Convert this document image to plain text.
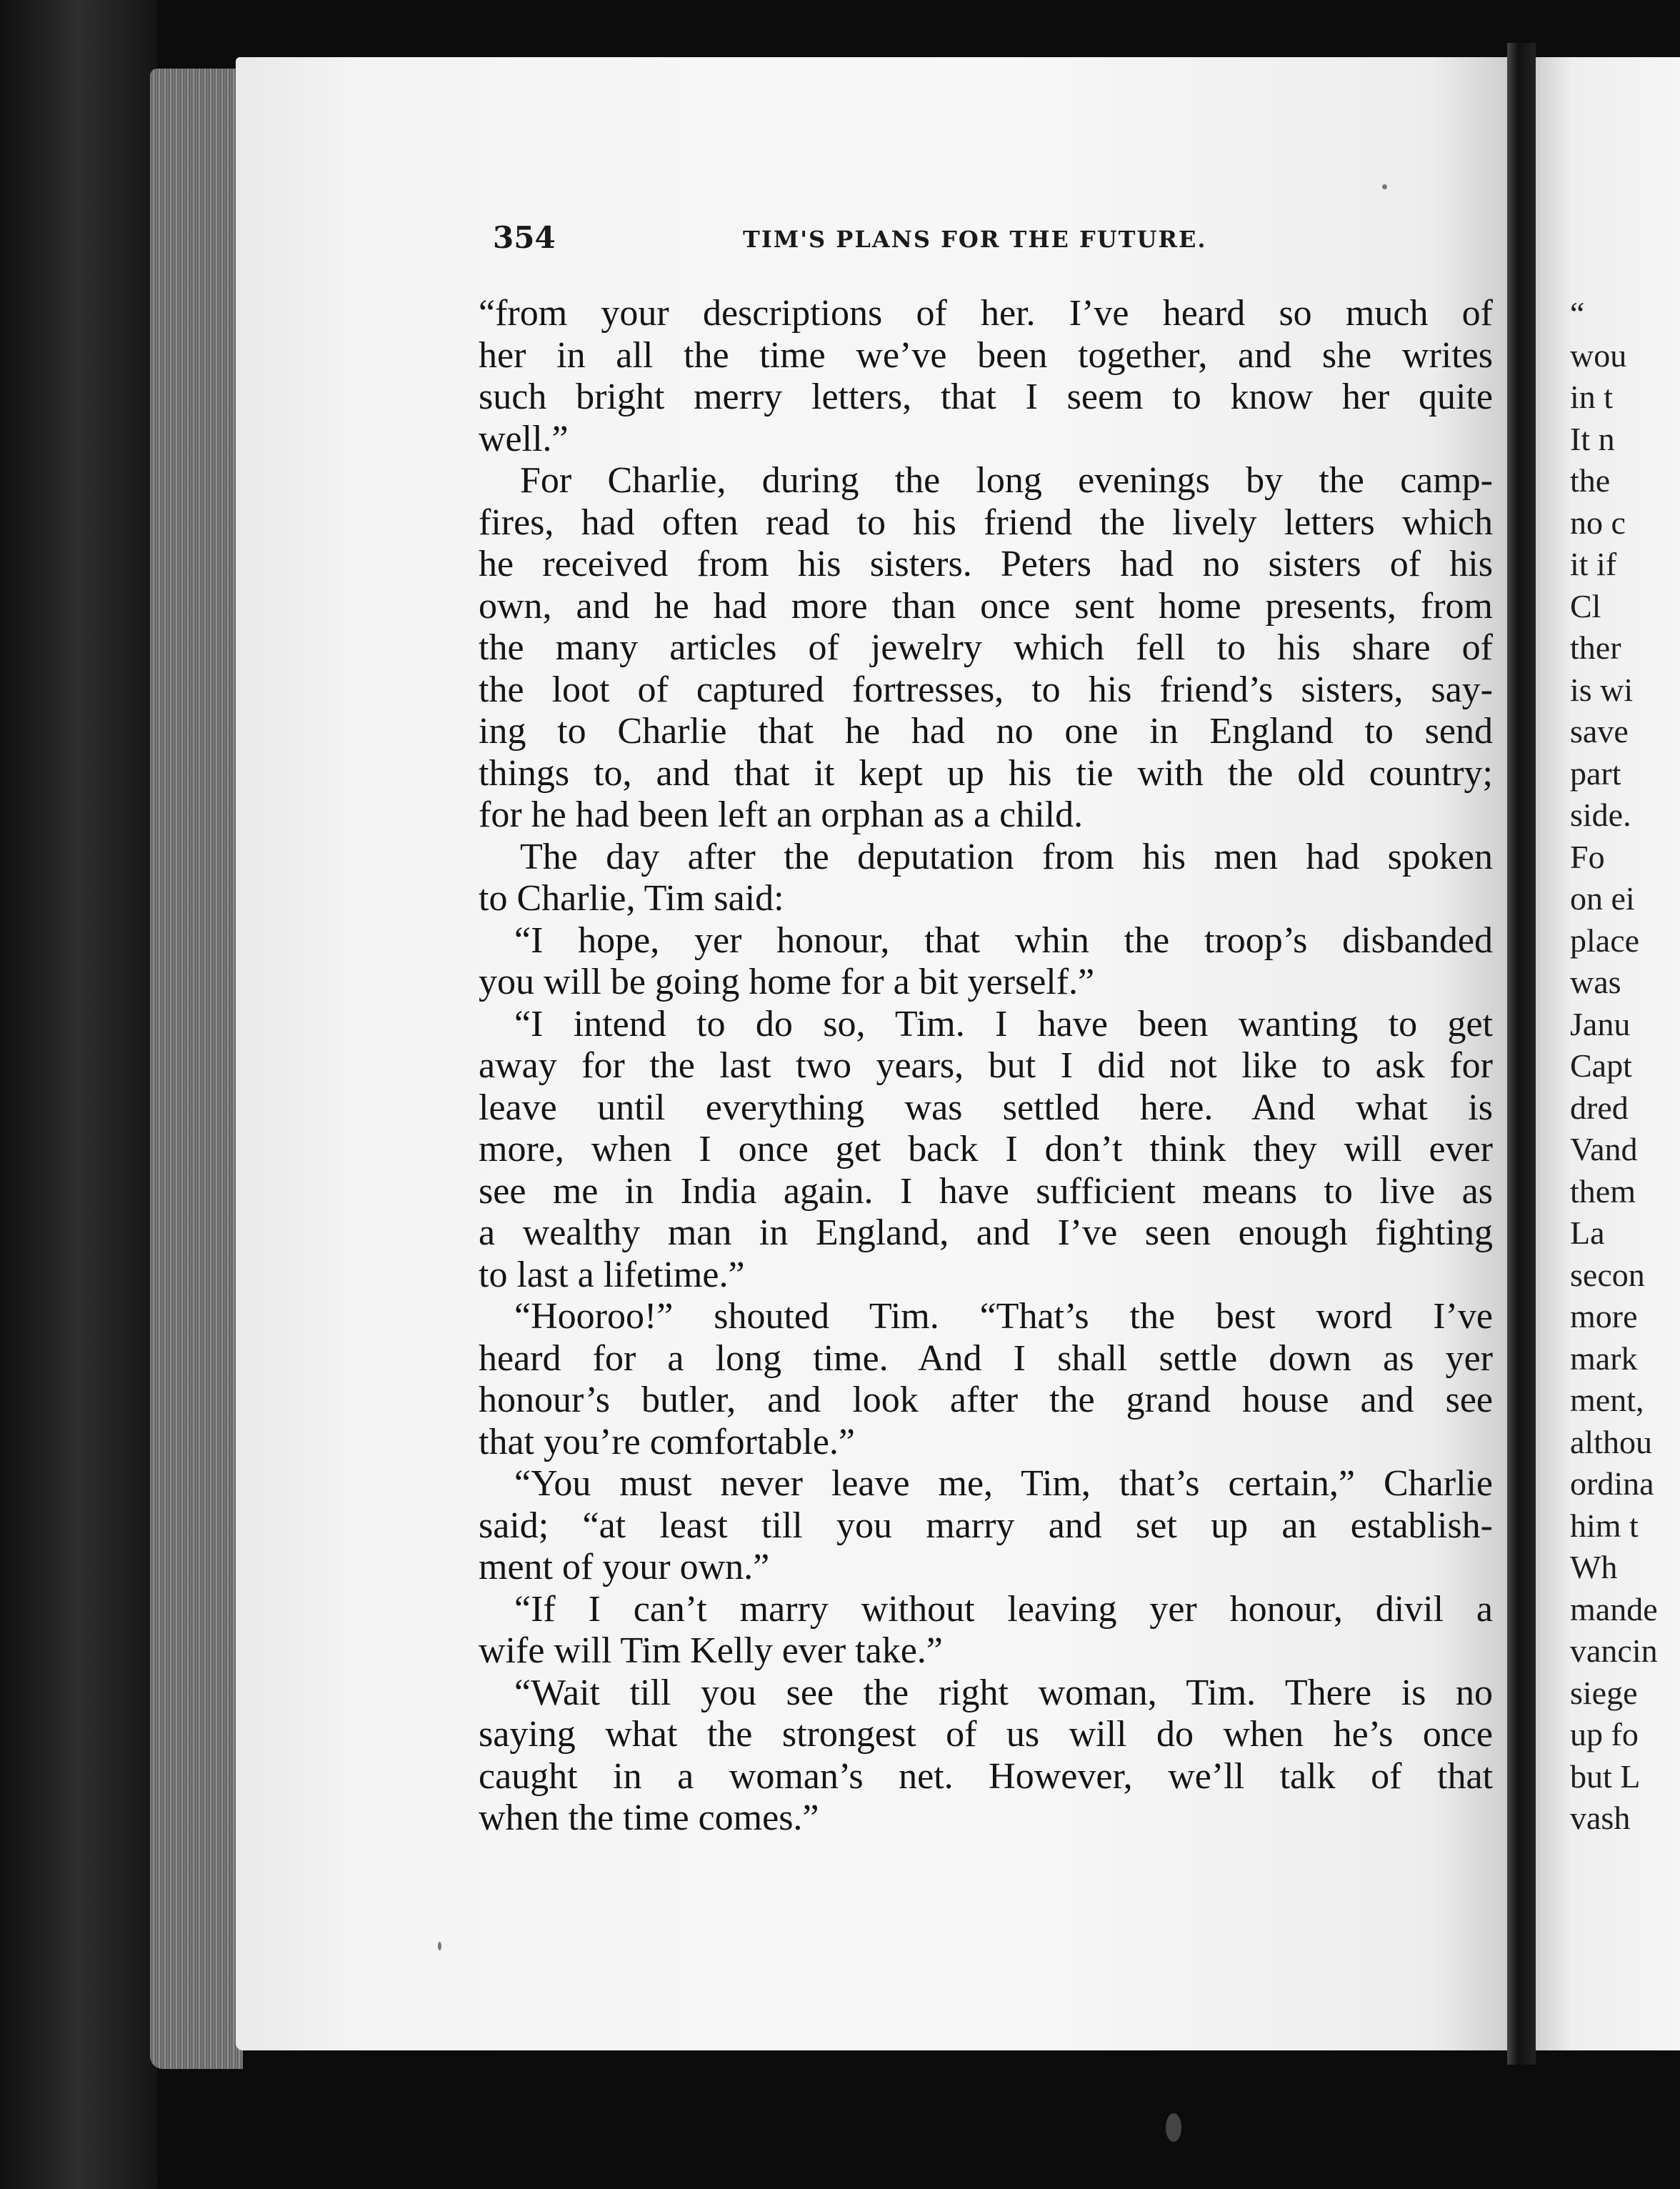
354	TIM'S PLANS FOR THE FUTURE.
“from your descriptions of her. I’ve heard so much of
her in all the time we’ve been together, and she writes
such bright merry letters, that I seem to know her quite
well.”
For Charlie, during the long evenings by the camp-
fires, had often read to his friend the lively letters which
he received from his sisters. Peters had no sisters of his
own, and he had more than once sent home presents, from
the many articles of jewelry which fell to his share of
the loot of captured fortresses, to his friend’s sisters, say-
ing to Charlie that he had no one in England to send
things to, and that it kept up his tie with the old country;
for he had been left an orphan as a child.
The day after the deputation from his men had spoken
to Charlie, Tim said:
“I hope, yer honour, that whin the troop’s disbanded
you will be going home for a bit yerself.”
“I intend to do so, Tim. I have been wanting to get
away for the last two years, but I did not like to ask for
leave until everything was settled here. And what is
more, when I once get back I don’t think they will ever
see me in India again. I have sufficient means to live as
a wealthy man in England, and I’ve seen enough fighting
to last a lifetime.”
“Hooroo!” shouted Tim. “That’s the best word I’ve
heard for a long time. And I shall settle down as yer
honour’s butler, and look after the grand house and see
that you’re comfortable.”
“You must never leave me, Tim, that’s certain,” Charlie
said; “at least till you marry and set up an establish-
ment of your own.”
“If I can’t marry without leaving yer honour, divil a
wife will Tim Kelly ever take.”
“Wait till you see the right woman, Tim. There is no
saying what the strongest of us will do when he’s once
caught in a woman’s net. However, we’ll talk of that
when the time comes.”
“
wou
in t
It n
the
no c
it if
Cl
ther
is wi
save
part
side.
Fo
on ei
place
was
Janu
Capt
dred
Vand
them
La
secon
more
mark
ment,
althou
ordina
him t
Wh
mande
vancin
siege
up fo
but L
vash
